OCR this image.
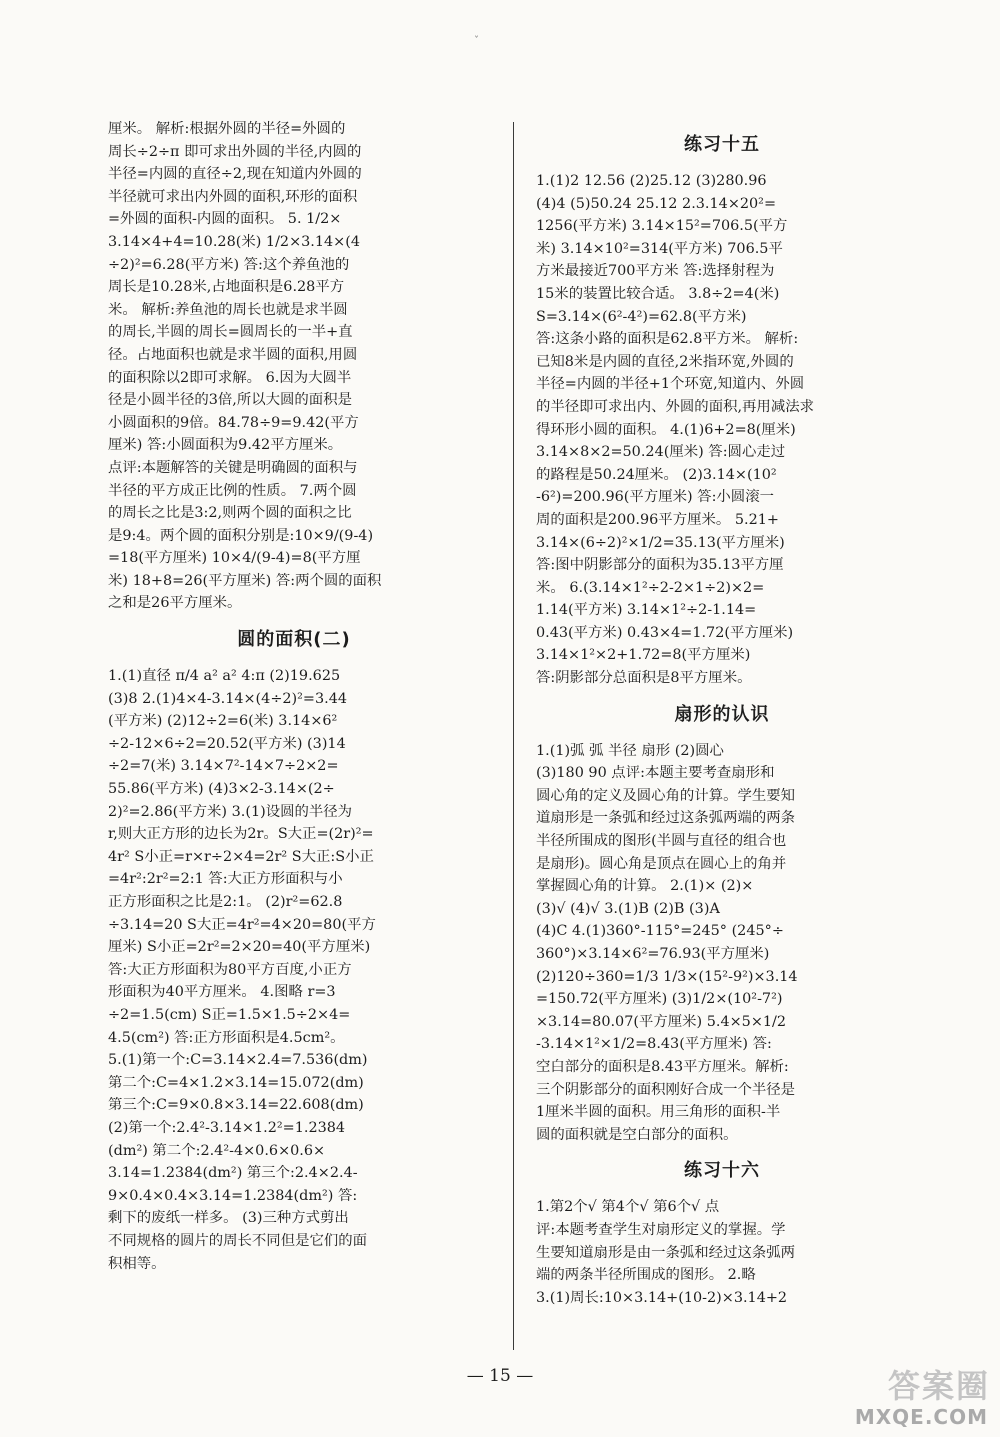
ˇ

厘米。 解析:根据外圆的半径=外圆的

周长÷2÷π 即可求出外圆的半径,内圆的

半径=内圆的直径÷2,现在知道内外圆的

半径就可求出内外圆的面积,环形的面积

=外圆的面积-内圆的面积。 5. 1/2×

3.14×4+4=10.28(米) 1/2×3.14×(4

÷2)²=6.28(平方米) 答:这个养鱼池的

周长是10.28米,占地面积是6.28平方

米。 解析:养鱼池的周长也就是求半圆

的周长,半圆的周长=圆周长的一半+直

径。占地面积也就是求半圆的面积,用圆

的面积除以2即可求解。 6.因为大圆半

径是小圆半径的3倍,所以大圆的面积是

小圆面积的9倍。84.78÷9=9.42(平方

厘米) 答:小圆面积为9.42平方厘米。

点评:本题解答的关键是明确圆的面积与

半径的平方成正比例的性质。 7.两个圆

的周长之比是3:2,则两个圆的面积之比

是9:4。两个圆的面积分别是:10×9/(9-4)

=18(平方厘米) 10×4/(9-4)=8(平方厘

米) 18+8=26(平方厘米) 答:两个圆的面积

之和是26平方厘米。

圆的面积(二)

1.(1)直径 π/4 a² a² 4:π (2)19.625

(3)8 2.(1)4×4-3.14×(4÷2)²=3.44

(平方米) (2)12÷2=6(米) 3.14×6²

÷2-12×6÷2=20.52(平方米) (3)14

÷2=7(米) 3.14×7²-14×7÷2×2=

55.86(平方米) (4)3×2-3.14×(2÷

2)²=2.86(平方米) 3.(1)设圆的半径为

r,则大正方形的边长为2r。S大正=(2r)²=

4r² S小正=r×r÷2×4=2r² S大正:S小正

=4r²:2r²=2:1 答:大正方形面积与小

正方形面积之比是2:1。 (2)r²=62.8

÷3.14=20 S大正=4r²=4×20=80(平方

厘米) S小正=2r²=2×20=40(平方厘米)

答:大正方形面积为80平方百度,小正方

形面积为40平方厘米。 4.图略 r=3

÷2=1.5(cm) S正=1.5×1.5÷2×4=

4.5(cm²) 答:正方形面积是4.5cm²。

5.(1)第一个:C=3.14×2.4=7.536(dm)

第二个:C=4×1.2×3.14=15.072(dm)

第三个:C=9×0.8×3.14=22.608(dm)

(2)第一个:2.4²-3.14×1.2²=1.2384

(dm²) 第二个:2.4²-4×0.6×0.6×

3.14=1.2384(dm²) 第三个:2.4×2.4-

9×0.4×0.4×3.14=1.2384(dm²) 答:

剩下的废纸一样多。 (3)三种方式剪出

不同规格的圆片的周长不同但是它们的面

积相等。

练习十五

1.(1)2 12.56 (2)25.12 (3)280.96

(4)4 (5)50.24 25.12 2.3.14×20²=

1256(平方米) 3.14×15²=706.5(平方

米) 3.14×10²=314(平方米) 706.5平

方米最接近700平方米 答:选择射程为

15米的装置比较合适。 3.8÷2=4(米)

S=3.14×(6²-4²)=62.8(平方米)

答:这条小路的面积是62.8平方米。 解析:

已知8米是内圆的直径,2米指环宽,外圆的

半径=内圆的半径+1个环宽,知道内、外圆

的半径即可求出内、外圆的面积,再用减法求

得环形小圆的面积。 4.(1)6+2=8(厘米)

3.14×8×2=50.24(厘米) 答:圆心走过

的路程是50.24厘米。 (2)3.14×(10²

-6²)=200.96(平方厘米) 答:小圆滚一

周的面积是200.96平方厘米。 5.21+

3.14×(6÷2)²×1/2=35.13(平方厘米)

答:图中阴影部分的面积为35.13平方厘

米。 6.(3.14×1²÷2-2×1÷2)×2=

1.14(平方米) 3.14×1²÷2-1.14=

0.43(平方米) 0.43×4=1.72(平方厘米)

3.14×1²×2+1.72=8(平方厘米)

答:阴影部分总面积是8平方厘米。

扇形的认识

1.(1)弧 弧 半径 扇形 (2)圆心

(3)180 90 点评:本题主要考查扇形和

圆心角的定义及圆心角的计算。学生要知

道扇形是一条弧和经过这条弧两端的两条

半径所围成的图形(半圆与直径的组合也

是扇形)。圆心角是顶点在圆心上的角并

掌握圆心角的计算。 2.(1)× (2)×

(3)√ (4)√ 3.(1)B (2)B (3)A

(4)C 4.(1)360°-115°=245° (245°÷

360°)×3.14×6²=76.93(平方厘米)

(2)120÷360=1/3 1/3×(15²-9²)×3.14

=150.72(平方厘米) (3)1/2×(10²-7²)

×3.14=80.07(平方厘米) 5.4×5×1/2

-3.14×1²×1/2=8.43(平方厘米) 答:

空白部分的面积是8.43平方厘米。解析:

三个阴影部分的面积刚好合成一个半径是

1厘米半圆的面积。用三角形的面积-半

圆的面积就是空白部分的面积。

练习十六

1.第2个√ 第4个√ 第6个√ 点

评:本题考查学生对扇形定义的掌握。学

生要知道扇形是由一条弧和经过这条弧两

端的两条半径所围成的图形。 2.略

3.(1)周长:10×3.14+(10-2)×3.14+2

— 15 —	答案圈
MXQE.COM
